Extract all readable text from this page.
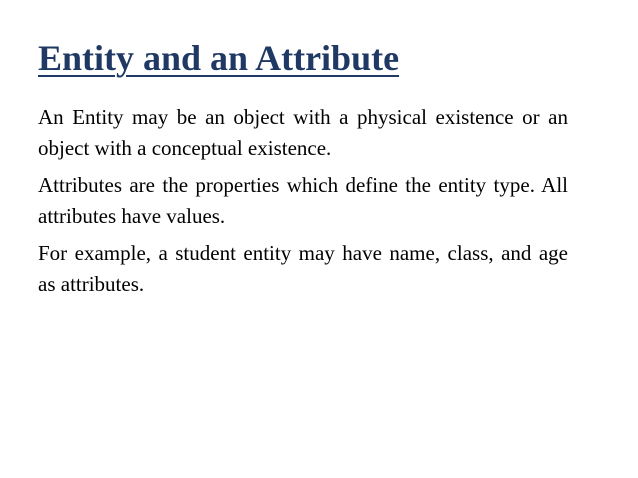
Entity and an Attribute

An Entity may be an object with a physical existence or an object with a conceptual existence.

Attributes are the properties which define the entity type. All attributes have values.

For example, a student entity may have name, class, and age as attributes.
